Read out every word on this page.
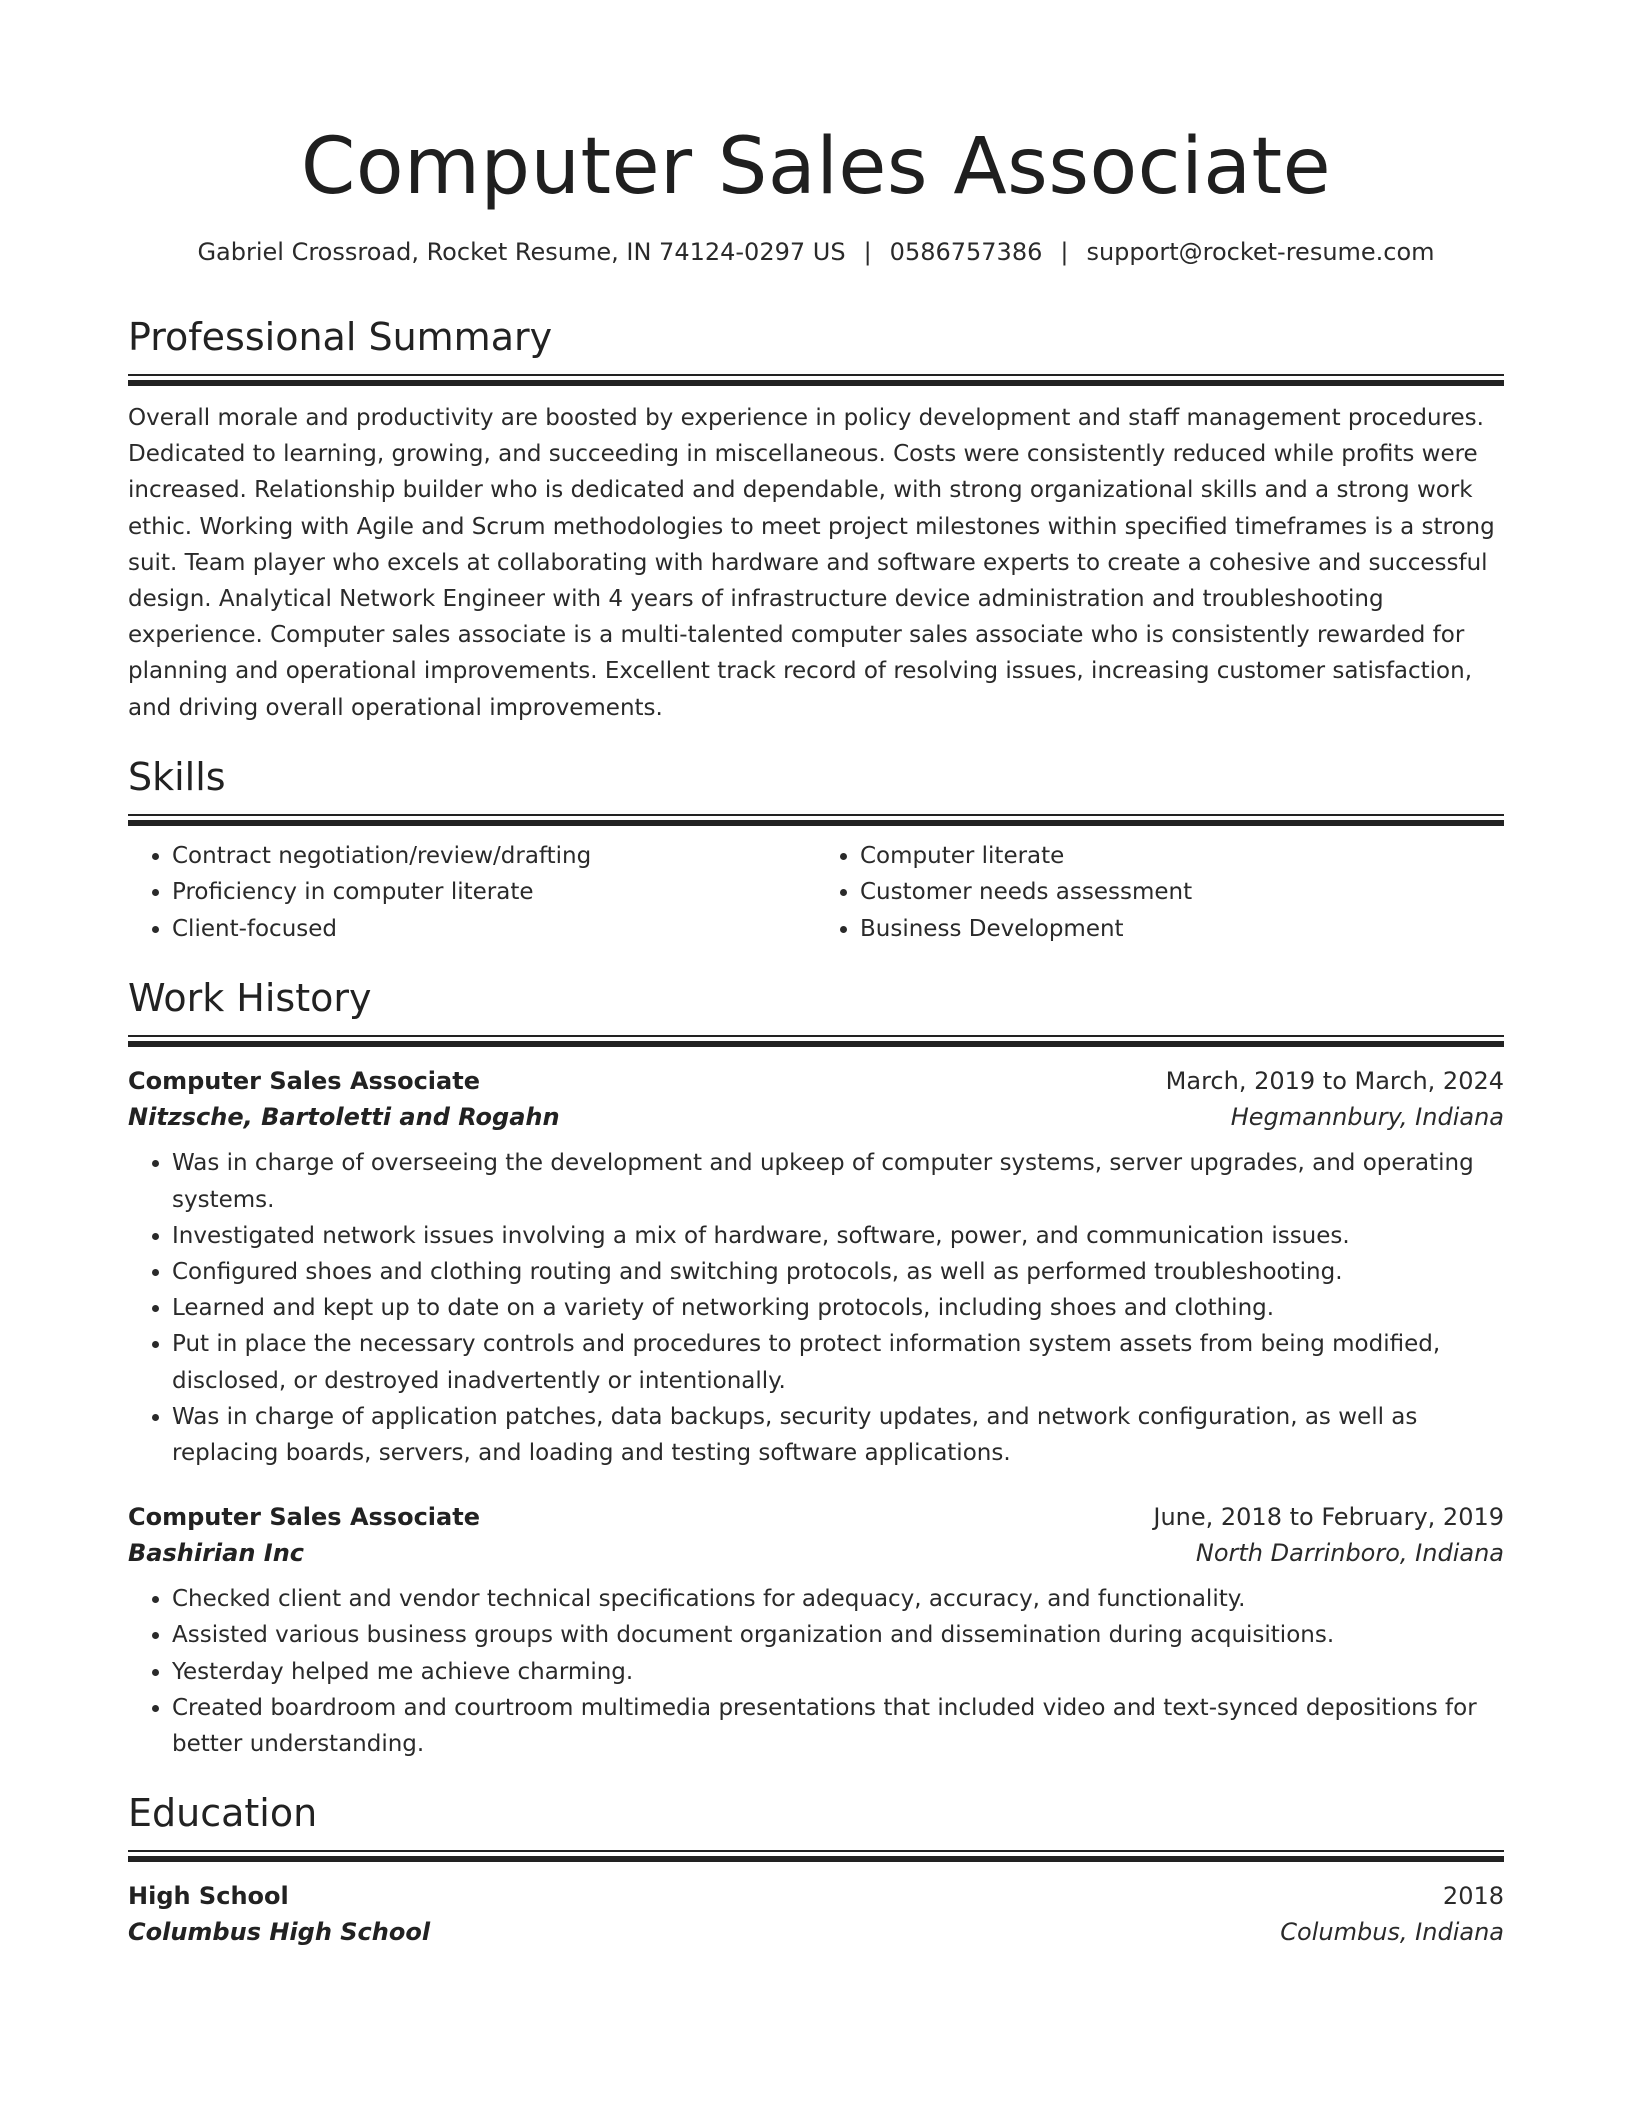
Computer Sales Associate
Gabriel Crossroad, Rocket Resume, IN 74124-0297 US | 0586757386 | support@rocket-resume.com
Professional Summary
Overall morale and productivity are boosted by experience in policy development and staff management procedures. Dedicated to learning, growing, and succeeding in miscellaneous. Costs were consistently reduced while profits were increased. Relationship builder who is dedicated and dependable, with strong organizational skills and a strong work ethic. Working with Agile and Scrum methodologies to meet project milestones within specified timeframes is a strong suit. Team player who excels at collaborating with hardware and software experts to create a cohesive and successful design. Analytical Network Engineer with 4 years of infrastructure device administration and troubleshooting experience. Computer sales associate is a multi-talented computer sales associate who is consistently rewarded for planning and operational improvements. Excellent track record of resolving issues, increasing customer satisfaction, and driving overall operational improvements.
Skills
• Contract negotiation/review/drafting
• Proficiency in computer literate
• Client-focused
• Computer literate
• Customer needs assessment
• Business Development
Work History
Computer Sales Associate	March, 2019 to March, 2024
Nitzsche, Bartoletti and Rogahn	Hegmannbury, Indiana
• Was in charge of overseeing the development and upkeep of computer systems, server upgrades, and operating systems.
• Investigated network issues involving a mix of hardware, software, power, and communication issues.
• Configured shoes and clothing routing and switching protocols, as well as performed troubleshooting.
• Learned and kept up to date on a variety of networking protocols, including shoes and clothing.
• Put in place the necessary controls and procedures to protect information system assets from being modified, disclosed, or destroyed inadvertently or intentionally.
• Was in charge of application patches, data backups, security updates, and network configuration, as well as replacing boards, servers, and loading and testing software applications.
Computer Sales Associate	June, 2018 to February, 2019
Bashirian Inc	North Darrinboro, Indiana
• Checked client and vendor technical specifications for adequacy, accuracy, and functionality.
• Assisted various business groups with document organization and dissemination during acquisitions.
• Yesterday helped me achieve charming.
• Created boardroom and courtroom multimedia presentations that included video and text-synced depositions for better understanding.
Education
High School	2018
Columbus High School	Columbus, Indiana
